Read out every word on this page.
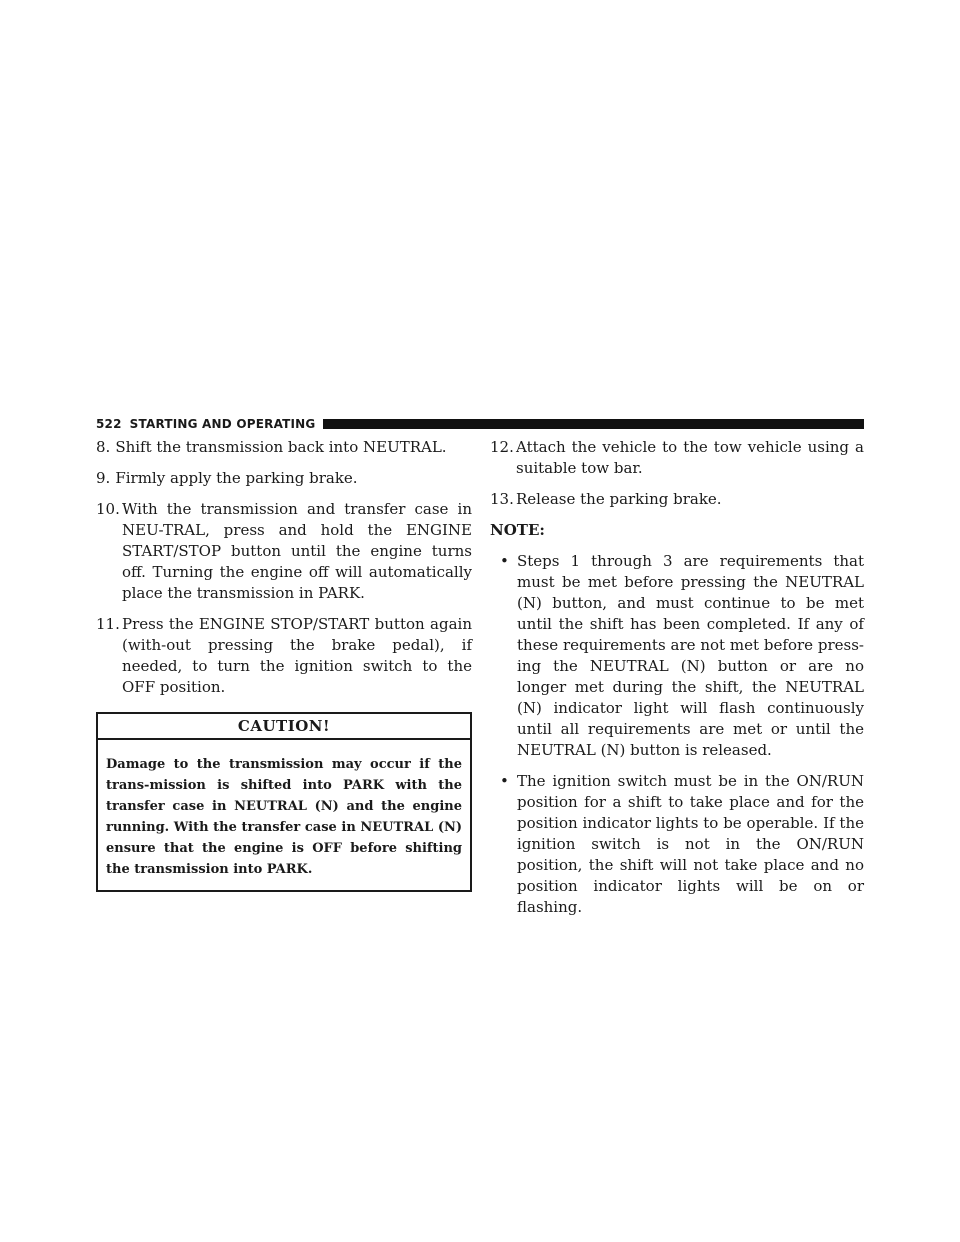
522 STARTING AND OPERATING

8. Shift the transmission back into NEUTRAL.

9. Firmly apply the parking brake.

10. With the transmission and transfer case in NEU-TRAL, press and hold the ENGINE START/STOP button until the engine turns off. Turning the engine off will automatically place the transmission in PARK.

11. Press the ENGINE STOP/START button again (with-out pressing the brake pedal), if needed, to turn the ignition switch to the OFF position.

CAUTION!
Damage to the transmission may occur if the trans-mission is shifted into PARK with the transfer case in NEUTRAL (N) and the engine running. With the transfer case in NEUTRAL (N) ensure that the engine is OFF before shifting the transmission into PARK.

12. Attach the vehicle to the tow vehicle using a suitable tow bar.

13. Release the parking brake.

NOTE:

• Steps 1 through 3 are requirements that must be met before pressing the NEUTRAL (N) button, and must continue to be met until the shift has been completed. If any of these requirements are not met before press-ing the NEUTRAL (N) button or are no longer met during the shift, the NEUTRAL (N) indicator light will flash continuously until all requirements are met or until the NEUTRAL (N) button is released.
• The ignition switch must be in the ON/RUN position for a shift to take place and for the position indicator lights to be operable. If the ignition switch is not in the ON/RUN position, the shift will not take place and no position indicator lights will be on or flashing.
